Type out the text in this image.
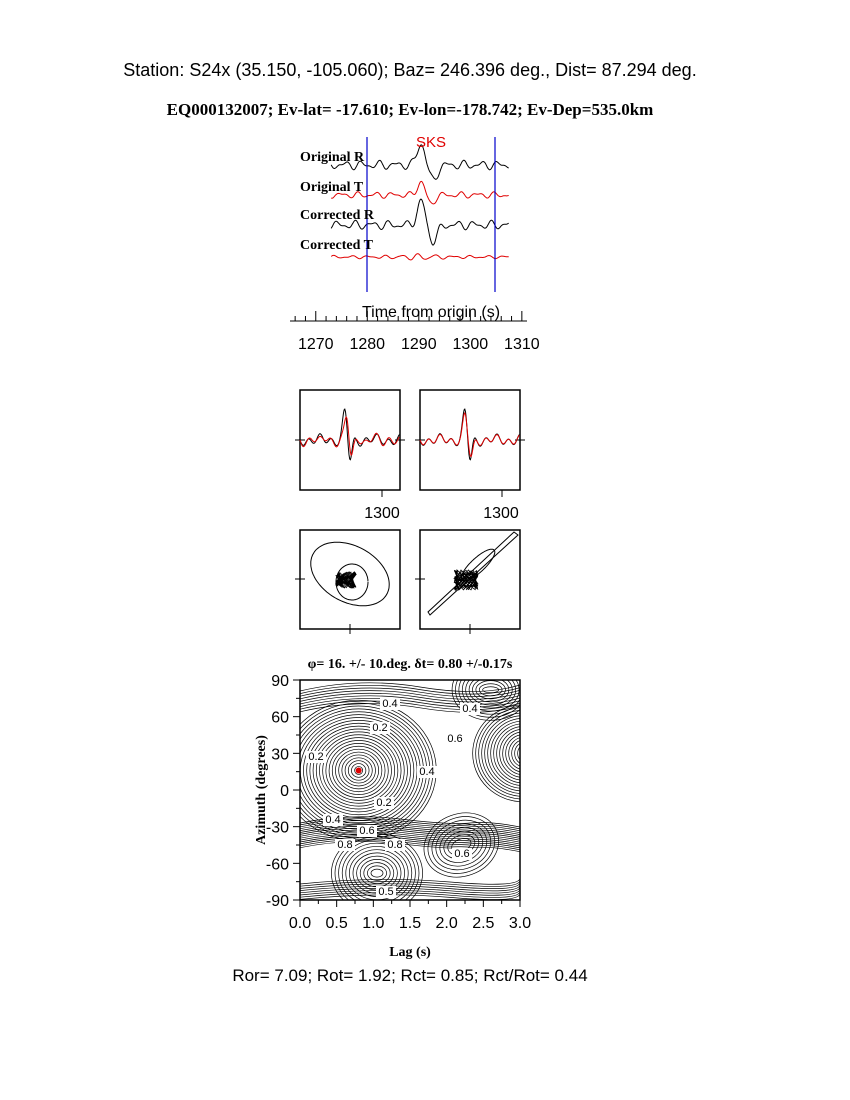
Station: S24x (35.150, -105.060); Baz= 246.396 deg., Dist= 87.294 deg.
EQ000132007; Ev-lat= -17.610; Ev-lon=-178.742; Ev-Dep=535.0km
SKS
Original R
Original T
Corrected R
Corrected T
Time from origin (s)
1270 1280 1290 1300 1310
1300	1300
φ= 16. +/- 10.deg. δt= 0.80 +/-0.17s
0.4	0.4
0.2
0.2
0.6
0.4
0.2
0.4
0.6
0.8	0.8
0.6
0.5
0.0 0.5 1.0 1.5 2.0 2.5 3.0
90
60
30
0
-30
-60
-90
Lag (s)
Azimuth (degrees)
Ror= 7.09; Rot= 1.92; Rct= 0.85; Rct/Rot= 0.44
